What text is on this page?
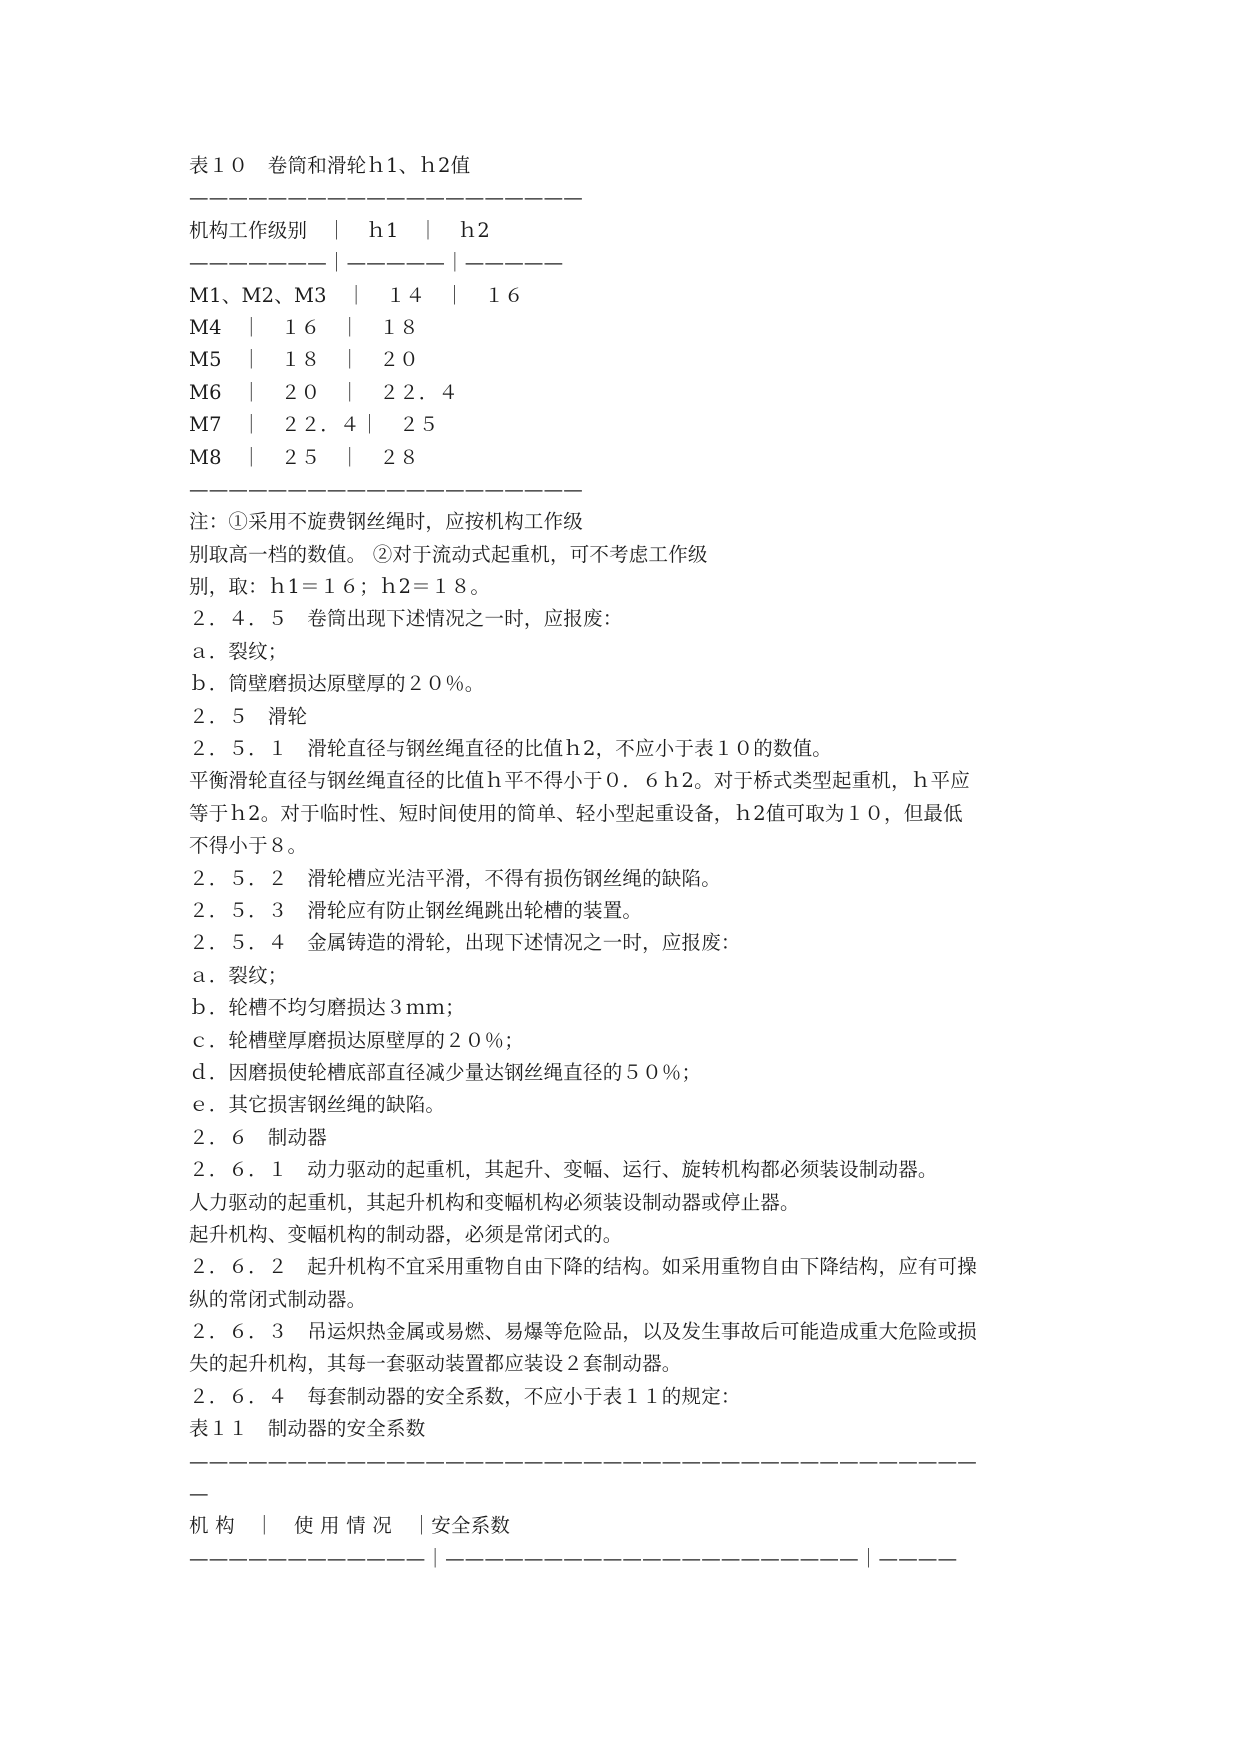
表１０　卷筒和滑轮ｈ1、ｈ2值
————————————————————
机构工作级别　｜　ｈ1　｜　ｈ2
———————｜—————｜—————
M1、M2、M3　｜　１４　｜　１６
M4　｜　１６　｜　１８
M5　｜　１８　｜　２０
M6　｜　２０　｜　２２．４
M7　｜　２２．４｜　２５
M8　｜　２５　｜　２８
————————————————————
注：①采用不旋费钢丝绳时，应按机构工作级
别取高一档的数值。 ②对于流动式起重机，可不考虑工作级
别，取：ｈ1＝１６；ｈ2＝１８。
２．４．５　卷筒出现下述情况之一时，应报废：
ａ．裂纹；
ｂ．筒壁磨损达原壁厚的２０％。
２．５　滑轮
２．５．１　滑轮直径与钢丝绳直径的比值ｈ2，不应小于表１０的数值。
平衡滑轮直径与钢丝绳直径的比值ｈ平不得小于０．６ｈ2。对于桥式类型起重机，ｈ平应
等于ｈ2。对于临时性、短时间使用的简单、轻小型起重设备，ｈ2值可取为１０，但最低
不得小于８。
２．５．２　滑轮槽应光洁平滑，不得有损伤钢丝绳的缺陷。
２．５．３　滑轮应有防止钢丝绳跳出轮槽的装置。
２．５．４　金属铸造的滑轮，出现下述情况之一时，应报废：
ａ．裂纹；
ｂ．轮槽不均匀磨损达３ｍｍ；
ｃ．轮槽壁厚磨损达原壁厚的２０％；
ｄ．因磨损使轮槽底部直径减少量达钢丝绳直径的５０％；
ｅ．其它损害钢丝绳的缺陷。
２．６　制动器
２．６．１　动力驱动的起重机，其起升、变幅、运行、旋转机构都必须装设制动器。
人力驱动的起重机，其起升机构和变幅机构必须装设制动器或停止器。
起升机构、变幅机构的制动器，必须是常闭式的。
２．６．２　起升机构不宜采用重物自由下降的结构。如采用重物自由下降结构，应有可操
纵的常闭式制动器。
２．６．３　吊运炽热金属或易燃、易爆等危险品，以及发生事故后可能造成重大危险或损
失的起升机构，其每一套驱动装置都应装设２套制动器。
２．６．４　每套制动器的安全系数，不应小于表１１的规定：
表１１　制动器的安全系数
————————————————————————————————————————
—
机 构　｜　使 用 情 况　｜安全系数
————————————｜—————————————————————｜————
